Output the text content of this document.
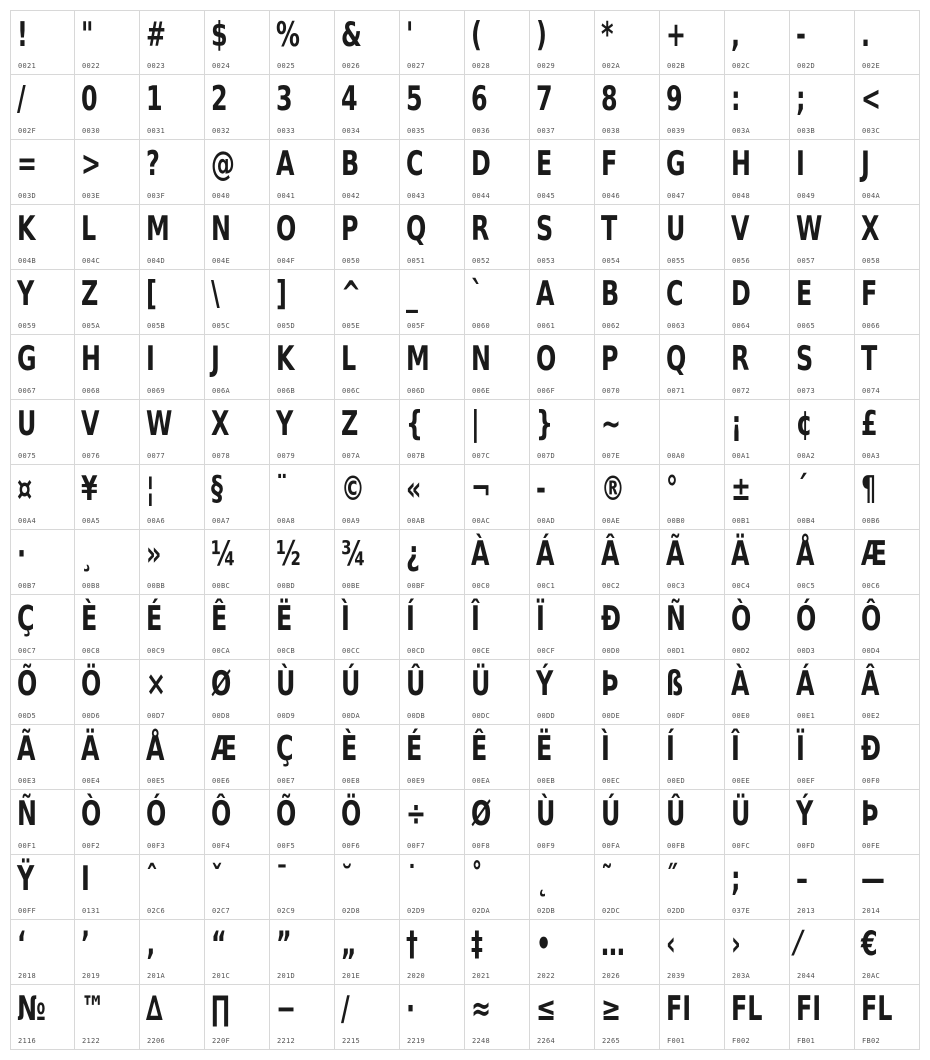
!
0021
"
0022
#
0023
$
0024
%
0025
&
0026
'
0027
(
0028
)
0029
*
002A
+
002B
,
002C
-
002D
.
002E
/
002F
0
0030
1
0031
2
0032
3
0033
4
0034
5
0035
6
0036
7
0037
8
0038
9
0039
:
003A
;
003B
<
003C
=
003D
>
003E
?
003F
@
0040
A
0041
B
0042
C
0043
D
0044
E
0045
F
0046
G
0047
H
0048
I
0049
J
004A
K
004B
L
004C
M
004D
N
004E
O
004F
P
0050
Q
0051
R
0052
S
0053
T
0054
U
0055
V
0056
W
0057
X
0058
Y
0059
Z
005A
[
005B
\
005C
]
005D
^
005E
_
005F
`
0060
A
0061
B
0062
C
0063
D
0064
E
0065
F
0066
G
0067
H
0068
I
0069
J
006A
K
006B
L
006C
M
006D
N
006E
O
006F
P
0070
Q
0071
R
0072
S
0073
T
0074
U
0075
V
0076
W
0077
X
0078
Y
0079
Z
007A
{
007B
|
007C
}
007D
~
007E	00A0
¡
00A1
¢
00A2
£
00A3
¤
00A4
¥
00A5
¦
00A6
§
00A7
¨
00A8
©
00A9
«
00AB
¬
00AC
-
00AD
®
00AE
°
00B0
±
00B1
´
00B4
¶
00B6
·
00B7
¸
00B8
»
00BB
¼
00BC
½
00BD
¾
00BE
¿
00BF
À
00C0
Á
00C1
Â
00C2
Ã
00C3
Ä
00C4
Å
00C5
Æ
00C6
Ç
00C7
È
00C8
É
00C9
Ê
00CA
Ë
00CB
Ì
00CC
Í
00CD
Î
00CE
Ï
00CF
Đ
00D0
Ñ
00D1
Ò
00D2
Ó
00D3
Ô
00D4
Õ
00D5
Ö
00D6
×
00D7
Ø
00D8
Ù
00D9
Ú
00DA
Û
00DB
Ü
00DC
Ý
00DD
Þ
00DE
ß
00DF
À
00E0
Á
00E1
Â
00E2
Ã
00E3
Ä
00E4
Å
00E5
Æ
00E6
Ç
00E7
È
00E8
É
00E9
Ê
00EA
Ë
00EB
Ì
00EC
Í
00ED
Î
00EE
Ï
00EF
Đ
00F0
Ñ
00F1
Ò
00F2
Ó
00F3
Ô
00F4
Õ
00F5
Ö
00F6
÷
00F7
Ø
00F8
Ù
00F9
Ú
00FA
Û
00FB
Ü
00FC
Ý
00FD
Þ
00FE
Ÿ
00FF
I
0131
ˆ
02C6
ˇ
02C7
ˉ
02C9
˘
02D8
˙
02D9
˚
02DA
˛
02DB
˜
02DC
˝
02DD
;
037E
–
2013
—
2014
‘
2018
’
2019
‚
201A
“
201C
”
201D
„
201E
†
2020
‡
2021
•
2022
…
2026
‹
2039
›
203A
⁄
2044
€
20AC
№
2116
™
2122
∆
2206
∏
220F
−
2212
∕
2215
∙
2219
≈
2248
≤
2264
≥
2265
FI
F001
FL
F002
FI
FB01
FL
FB02
